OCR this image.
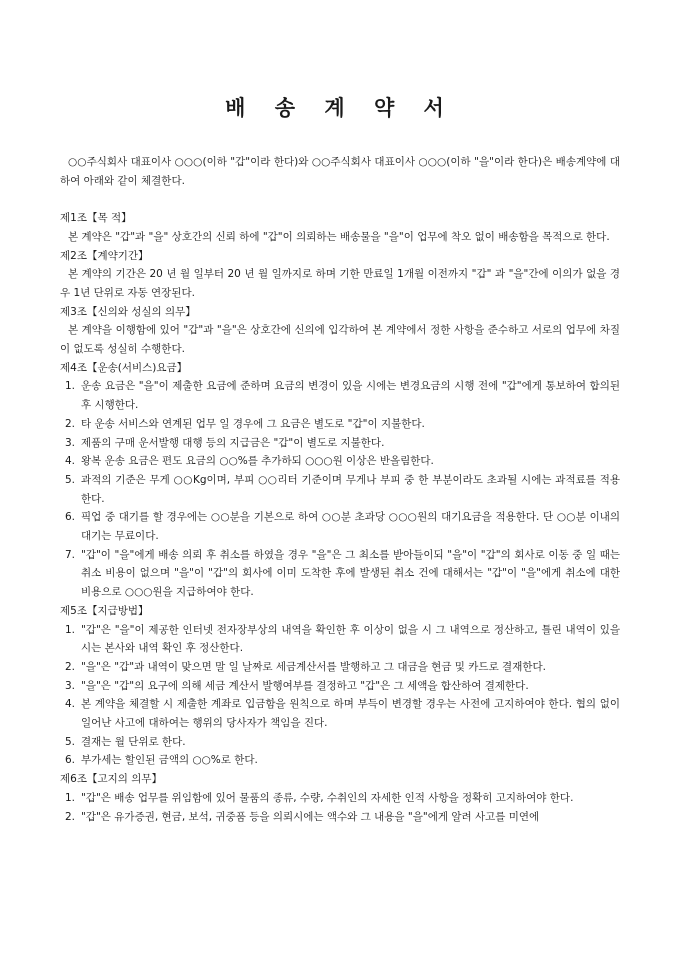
배 송 계 약 서

○○주식회사 대표이사 ○○○(이하 "갑"이라 한다)와 ○○주식회사 대표이사 ○○○(이하 "을"이라 한다)은 배송계약에 대하여 아래와 같이 체결한다.

제1조【목 적】

본 계약은 "갑"과 "을" 상호간의 신뢰 하에 "갑"이 의뢰하는 배송물을 "을"이 업무에 착오 없이 배송함을 목적으로 한다.

제2조【계약기간】

본 계약의 기간은 20 년 월 일부터 20 년 월 일까지로 하며 기한 만료일 1개월 이전까지 "갑" 과 "을"간에 이의가 없을 경우 1년 단위로 자동 연장된다.

제3조【신의와 성실의 의무】

본 계약을 이행함에 있어 "갑"과 "을"은 상호간에 신의에 입각하여 본 계약에서 정한 사항을 준수하고 서로의 업무에 차질이 없도록 성실히 수행한다.

제4조【운송(서비스)요금】

1. 운송 요금은 "을"이 제출한 요금에 준하며 요금의 변경이 있을 시에는 변경요금의 시행 전에 "갑"에게 통보하여 합의된 후 시행한다.
2. 타 운송 서비스와 연계된 업무 일 경우에 그 요금은 별도로 "갑"이 지불한다.
3. 제품의 구매 운서발행 대행 등의 지급금은 "갑"이 별도로 지불한다.
4. 왕복 운송 요금은 편도 요금의 ○○%를 추가하되 ○○○원 이상은 반올림한다.
5. 과적의 기준은 무게 ○○Kg이며, 부피 ○○리터 기준이며 무게나 부피 중 한 부분이라도 초과될 시에는 과적료를 적용한다.
6. 픽업 중 대기를 할 경우에는 ○○분을 기본으로 하여 ○○분 초과당 ○○○원의 대기요금을 적용한다. 단 ○○분 이내의 대기는 무료이다.
7. "갑"이 "을"에게 배송 의뢰 후 취소를 하였을 경우 "을"은 그 최소를 받아들이되 "을"이 "갑"의 회사로 이동 중 일 때는 취소 비용이 없으며 "을"이 "갑"의 회사에 이미 도착한 후에 발생된 취소 건에 대해서는 "갑"이 "을"에게 취소에 대한 비용으로 ○○○원을 지급하여야 한다.

제5조【지급방법】

1. "갑"은 "을"이 제공한 인터넷 전자장부상의 내역을 확인한 후 이상이 없을 시 그 내역으로 정산하고, 틀린 내역이 있을 시는 본사와 내역 확인 후 정산한다.
2. "을"은 "갑"과 내역이 맞으면 말 일 날짜로 세금계산서를 발행하고 그 대금을 현금 및 카드로 결재한다.
3. "을"은 "갑"의 요구에 의해 세금 계산서 발행여부를 결정하고 "갑"은 그 세액을 합산하여 결제한다.
4. 본 계약을 체결할 시 제출한 계좌로 입금함을 원칙으로 하며 부득이 변경할 경우는 사전에 고지하여야 한다. 협의 없이 일어난 사고에 대하여는 행위의 당사자가 책임을 진다.
5. 결재는 월 단위로 한다.
6. 부가세는 할인된 금액의 ○○%로 한다.

제6조【고지의 의무】

1. "갑"은 배송 업무를 위임함에 있어 물품의 종류, 수량, 수취인의 자세한 인적 사항을 정확히 고지하여야 한다.
2. "갑"은 유가증권, 현금, 보석, 귀중품 등을 의뢰시에는 액수와 그 내용을 "을"에게 알려 사고를 미연에
